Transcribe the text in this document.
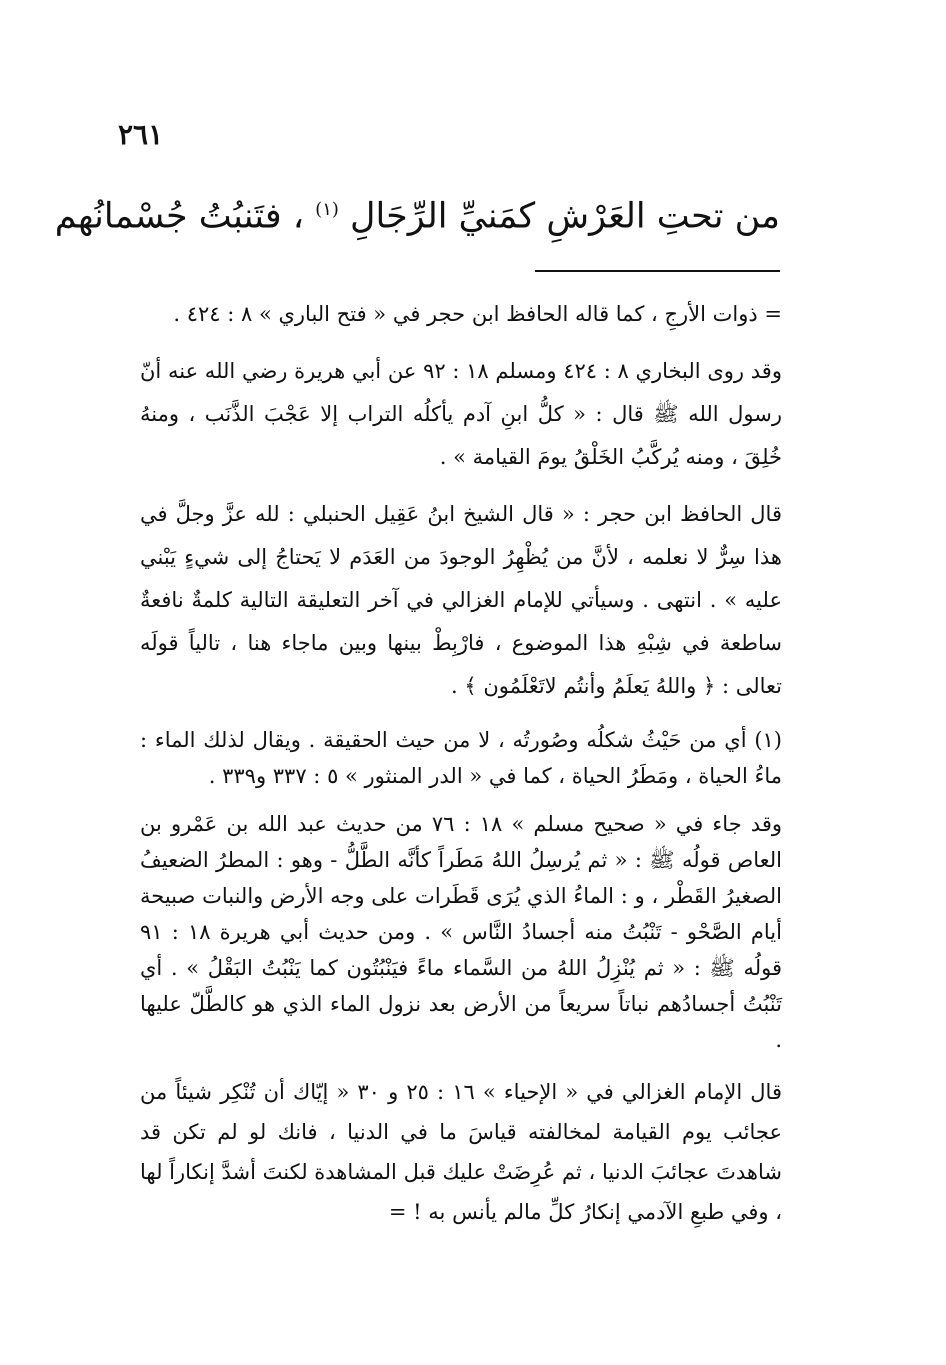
٢٦١
من تحتِ العَرْشِ كمَنيِّ الرِّجَالِ $^{(١)}$ ، فتَنبُتُ جُسْمانُهم

= ذوات الأرجِ ، كما قاله الحافظ ابن حجر في « فتح الباري » ٨ : ٤٢٤ .

وقد روى البخاري ٨ : ٤٢٤ ومسلم ١٨ : ٩٢ عن أبي هريرة رضي الله عنه أنّ رسول الله ﷺ قال : « كلُّ ابنِ آدم يأكلُه التراب إلا عَجْبَ الذَّنَب ، ومنهُ خُلِقَ ، ومنه يُركَّبُ الخَلْقُ يومَ القيامة » .

قال الحافظ ابن حجر : « قال الشيخ ابنُ عَقِيل الحنبلي : لله عزَّ وجلَّ في هذا سِرٌّ لا نعلمه ، لأنَّ من يُظْهِرُ الوجودَ من العَدَم لا يَحتاجُ إلى شيءٍ يَبْني عليه » . انتهى . وسيأتي للإمام الغزالي في آخر التعليقة التالية كلمةٌ نافعةٌ ساطعة في شِبْهِ هذا الموضوع ، فارْبِطْ بينها وبين ماجاء هنا ، تالياً قولَه تعالى : ﴿ واللهُ يَعلَمُ وأنتُم لاتَعْلَمُون ﴾ .

(١) أي من حَيْثُ شكلُه وصُورتُه ، لا من حيث الحقيقة . ويقال لذلك الماء : ماءُ الحياة ، ومَطَرُ الحياة ، كما في « الدر المنثور » ٥ : ٣٣٧ و٣٣٩ .

وقد جاء في « صحيح مسلم » ١٨ : ٧٦ من حديث عبد الله بن عَمْرو بن العاص قولُه ﷺ : « ثم يُرسِلُ اللهُ مَطَراً كأنَّه الطَّلُّ - وهو : المطرُ الضعيفُ الصغيرُ القَطْر ، و : الماءُ الذي يُرَى قَطَرات على وجه الأرض والنبات صبيحة أيام الصَّحْو - تَنْبُتُ منه أجسادُ النَّاس » . ومن حديث أبي هريرة ١٨ : ٩١ قولُه ﷺ : « ثم يُنْزِلُ اللهُ من السَّماء ماءً فيَنْبُتُون كما يَنْبُتُ البَقْلُ » . أي تَنْبُتُ أجسادُهم نباتاً سريعاً من الأرض بعد نزول الماء الذي هو كالطَّلّ عليها .

قال الإمام الغزالي في « الإحياء » ١٦ : ٢٥ و ٣٠ « إيّاك أن تُنْكِر شيئاً من عجائب يوم القيامة لمخالفته قياسَ ما في الدنيا ، فانك لو لم تكن قد شاهدتَ عجائبَ الدنيا ، ثم عُرِضَتْ عليك قبل المشاهدة لكنتَ أشدَّ إنكاراً لها ، وفي طبعِ الآدمي إنكارُ كلِّ مالم يأنس به ! =
